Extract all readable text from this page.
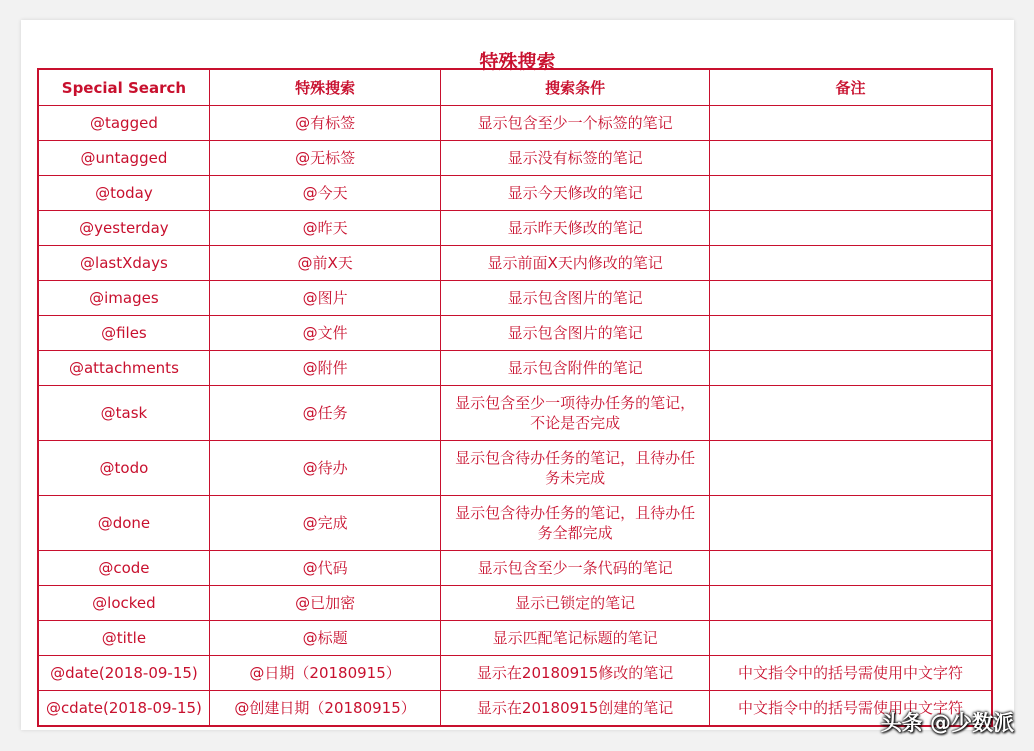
特殊搜索
Special Search	特殊搜索	搜索条件	备注
@tagged	@有标签	显示包含至少一个标签的笔记	
@untagged	@无标签	显示没有标签的笔记	
@today	@今天	显示今天修改的笔记	
@yesterday	@昨天	显示昨天修改的笔记	
@lastXdays	@前X天	显示前面X天内修改的笔记	
@images	@图片	显示包含图片的笔记	
@files	@文件	显示包含图片的笔记	
@attachments	@附件	显示包含附件的笔记	
@task	@任务	显示包含至少一项待办任务的笔记，不论是否完成	
@todo	@待办	显示包含待办任务的笔记，且待办任务未完成	
@done	@完成	显示包含待办任务的笔记，且待办任务全都完成	
@code	@代码	显示包含至少一条代码的笔记	
@locked	@已加密	显示已锁定的笔记	
@title	@标题	显示匹配笔记标题的笔记	
@date(2018-09-15)	@日期（20180915）	显示在20180915修改的笔记	中文指令中的括号需使用中文字符
@cdate(2018-09-15)	@创建日期（20180915）	显示在20180915创建的笔记	中文指令中的括号需使用中文字符
头条 @少数派
